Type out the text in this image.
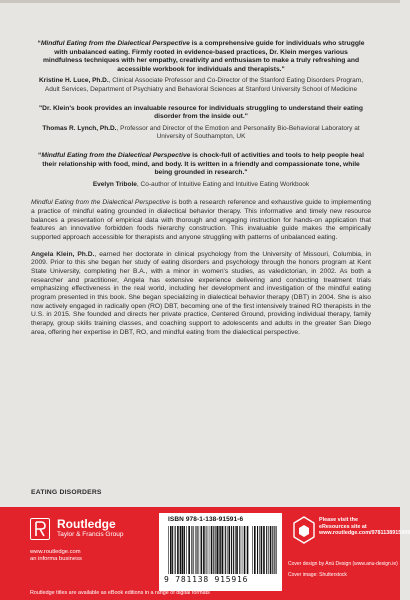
“Mindful Eating from the Dialectical Perspective is a comprehensive guide for individuals who struggle with unbalanced eating. Firmly rooted in evidence-based practices, Dr. Klein merges various mindfulness techniques with her empathy, creativity and enthusiasm to make a truly refreshing and accessible workbook for individuals and therapists."

Kristine H. Luce, Ph.D., Clinical Associate Professor and Co-Director of the Stanford Eating Disorders Program, Adult Services, Department of Psychiatry and Behavioral Sciences at Stanford University School of Medicine

"Dr. Klein's book provides an invaluable resource for individuals struggling to understand their eating disorder from the inside out."

Thomas R. Lynch, Ph.D., Professor and Director of the Emotion and Personality Bio-Behavioral Laboratory at University of Southampton, UK

“Mindful Eating from the Dialectical Perspective is chock-full of activities and tools to help people heal their relationship with food, mind, and body. It is written in a friendly and compassionate tone, while being grounded in research."

Evelyn Tribole, Co-author of Intuitive Eating and Intuitive Eating Workbook

Mindful Eating from the Dialectical Perspective is both a research reference and exhaustive guide to implementing a practice of mindful eating grounded in dialectical behavior therapy. This informative and timely new resource balances a presentation of empirical data with thorough and engaging instruction for hands-on application that features an innovative forbidden foods hierarchy construction. This invaluable guide makes the empirically supported approach accessible for therapists and anyone struggling with patterns of unbalanced eating.

Angela Klein, Ph.D., earned her doctorate in clinical psychology from the University of Missouri, Columbia, in 2009. Prior to this she began her study of eating disorders and psychology through the honors program at Kent State University, completing her B.A., with a minor in women's studies, as valedictorian, in 2002. As both a researcher and practitioner, Angela has extensive experience delivering and conducting treatment trials emphasizing effectiveness in the real world, including her development and investigation of the mindful eating program presented in this book. She began specializing in dialectical behavior therapy (DBT) in 2004. She is also now actively engaged in radically open (RO) DBT, becoming one of the first intensively trained RO therapists in the U.S. in 2015. She founded and directs her private practice, Centered Ground, providing individual therapy, family therapy, group skills training classes, and coaching support to adolescents and adults in the greater San Diego area, offering her expertise in DBT, RO, and mindful eating from the dialectical perspective.

EATING DISORDERS
Routledge
Taylor & Francis Group
www.routledge.com
an informa business
ISBN 978-1-138-91591-6
9 781138 915916
Please visit the eResources site at www.routledge.com/9781138915909
Cover design by Anú Design (www.anu-design.ie)
Cover image: Shutterstock
Routledge titles are available as eBook editions in a range of digital formats
